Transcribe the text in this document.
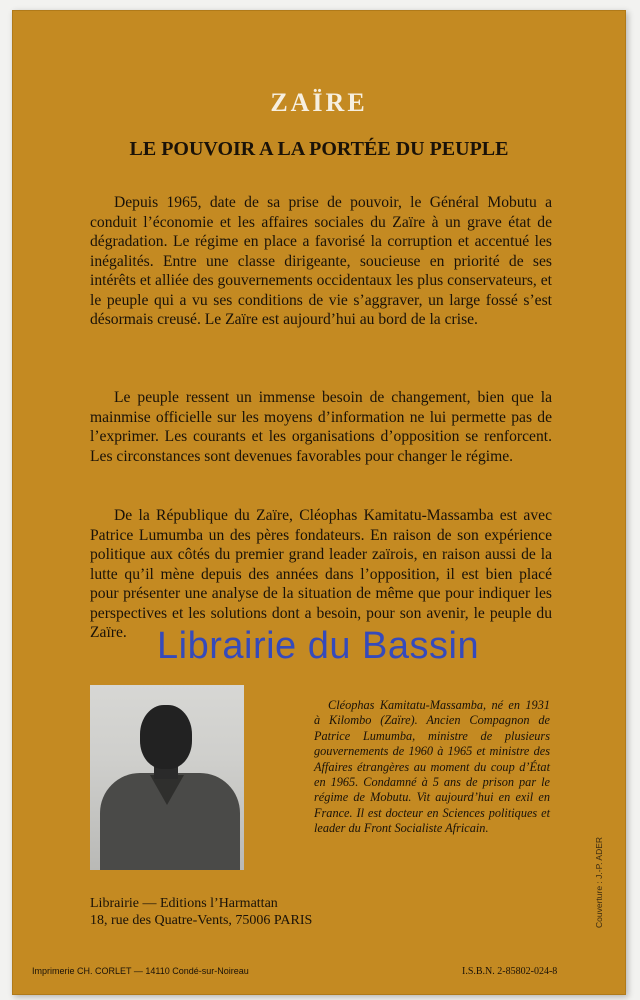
ZAÏRE
LE POUVOIR A LA PORTÉE DU PEUPLE

Depuis 1965, date de sa prise de pouvoir, le Général Mobutu a conduit l’économie et les affaires sociales du Zaïre à un grave état de dégradation. Le régime en place a favorisé la corruption et accentué les inégalités. Entre une classe dirigeante, soucieuse en priorité de ses intérêts et alliée des gouvernements occidentaux les plus conservateurs, et le peuple qui a vu ses conditions de vie s’aggraver, un large fossé s’est désormais creusé. Le Zaïre est aujourd’hui au bord de la crise.

Le peuple ressent un immense besoin de changement, bien que la mainmise officielle sur les moyens d’information ne lui permette pas de l’exprimer. Les courants et les organisations d’opposition se renforcent. Les circonstances sont devenues favorables pour changer le régime.

De la République du Zaïre, Cléophas Kamitatu-Massamba est avec Patrice Lumumba un des pères fondateurs. En raison de son expérience politique aux côtés du premier grand leader zaïrois, en raison aussi de la lutte qu’il mène depuis des années dans l’opposition, il est bien placé pour présenter une analyse de la situation de même que pour indiquer les perspectives et les solutions dont a besoin, pour son avenir, le peuple du Zaïre.

Cléophas Kamitatu-Massamba, né en 1931 à Kilombo (Zaïre). Ancien Compagnon de Patrice Lumumba, ministre de plusieurs gouvernements de 1960 à 1965 et ministre des Affaires étrangères au moment du coup d’État en 1965. Condamné à 5 ans de prison par le régime de Mobutu. Vit aujourd’hui en exil en France. Il est docteur en Sciences politiques et leader du Front Socialiste Africain.

Librairie — Editions l’Harmattan
18, rue des Quatre-Vents, 75006 PARIS
Imprimerie CH. CORLET — 14110 Condé-sur-Noireau	I.S.B.N. 2-85802-024-8
Couverture : J.-P. ADER
Librairie du Bassin
